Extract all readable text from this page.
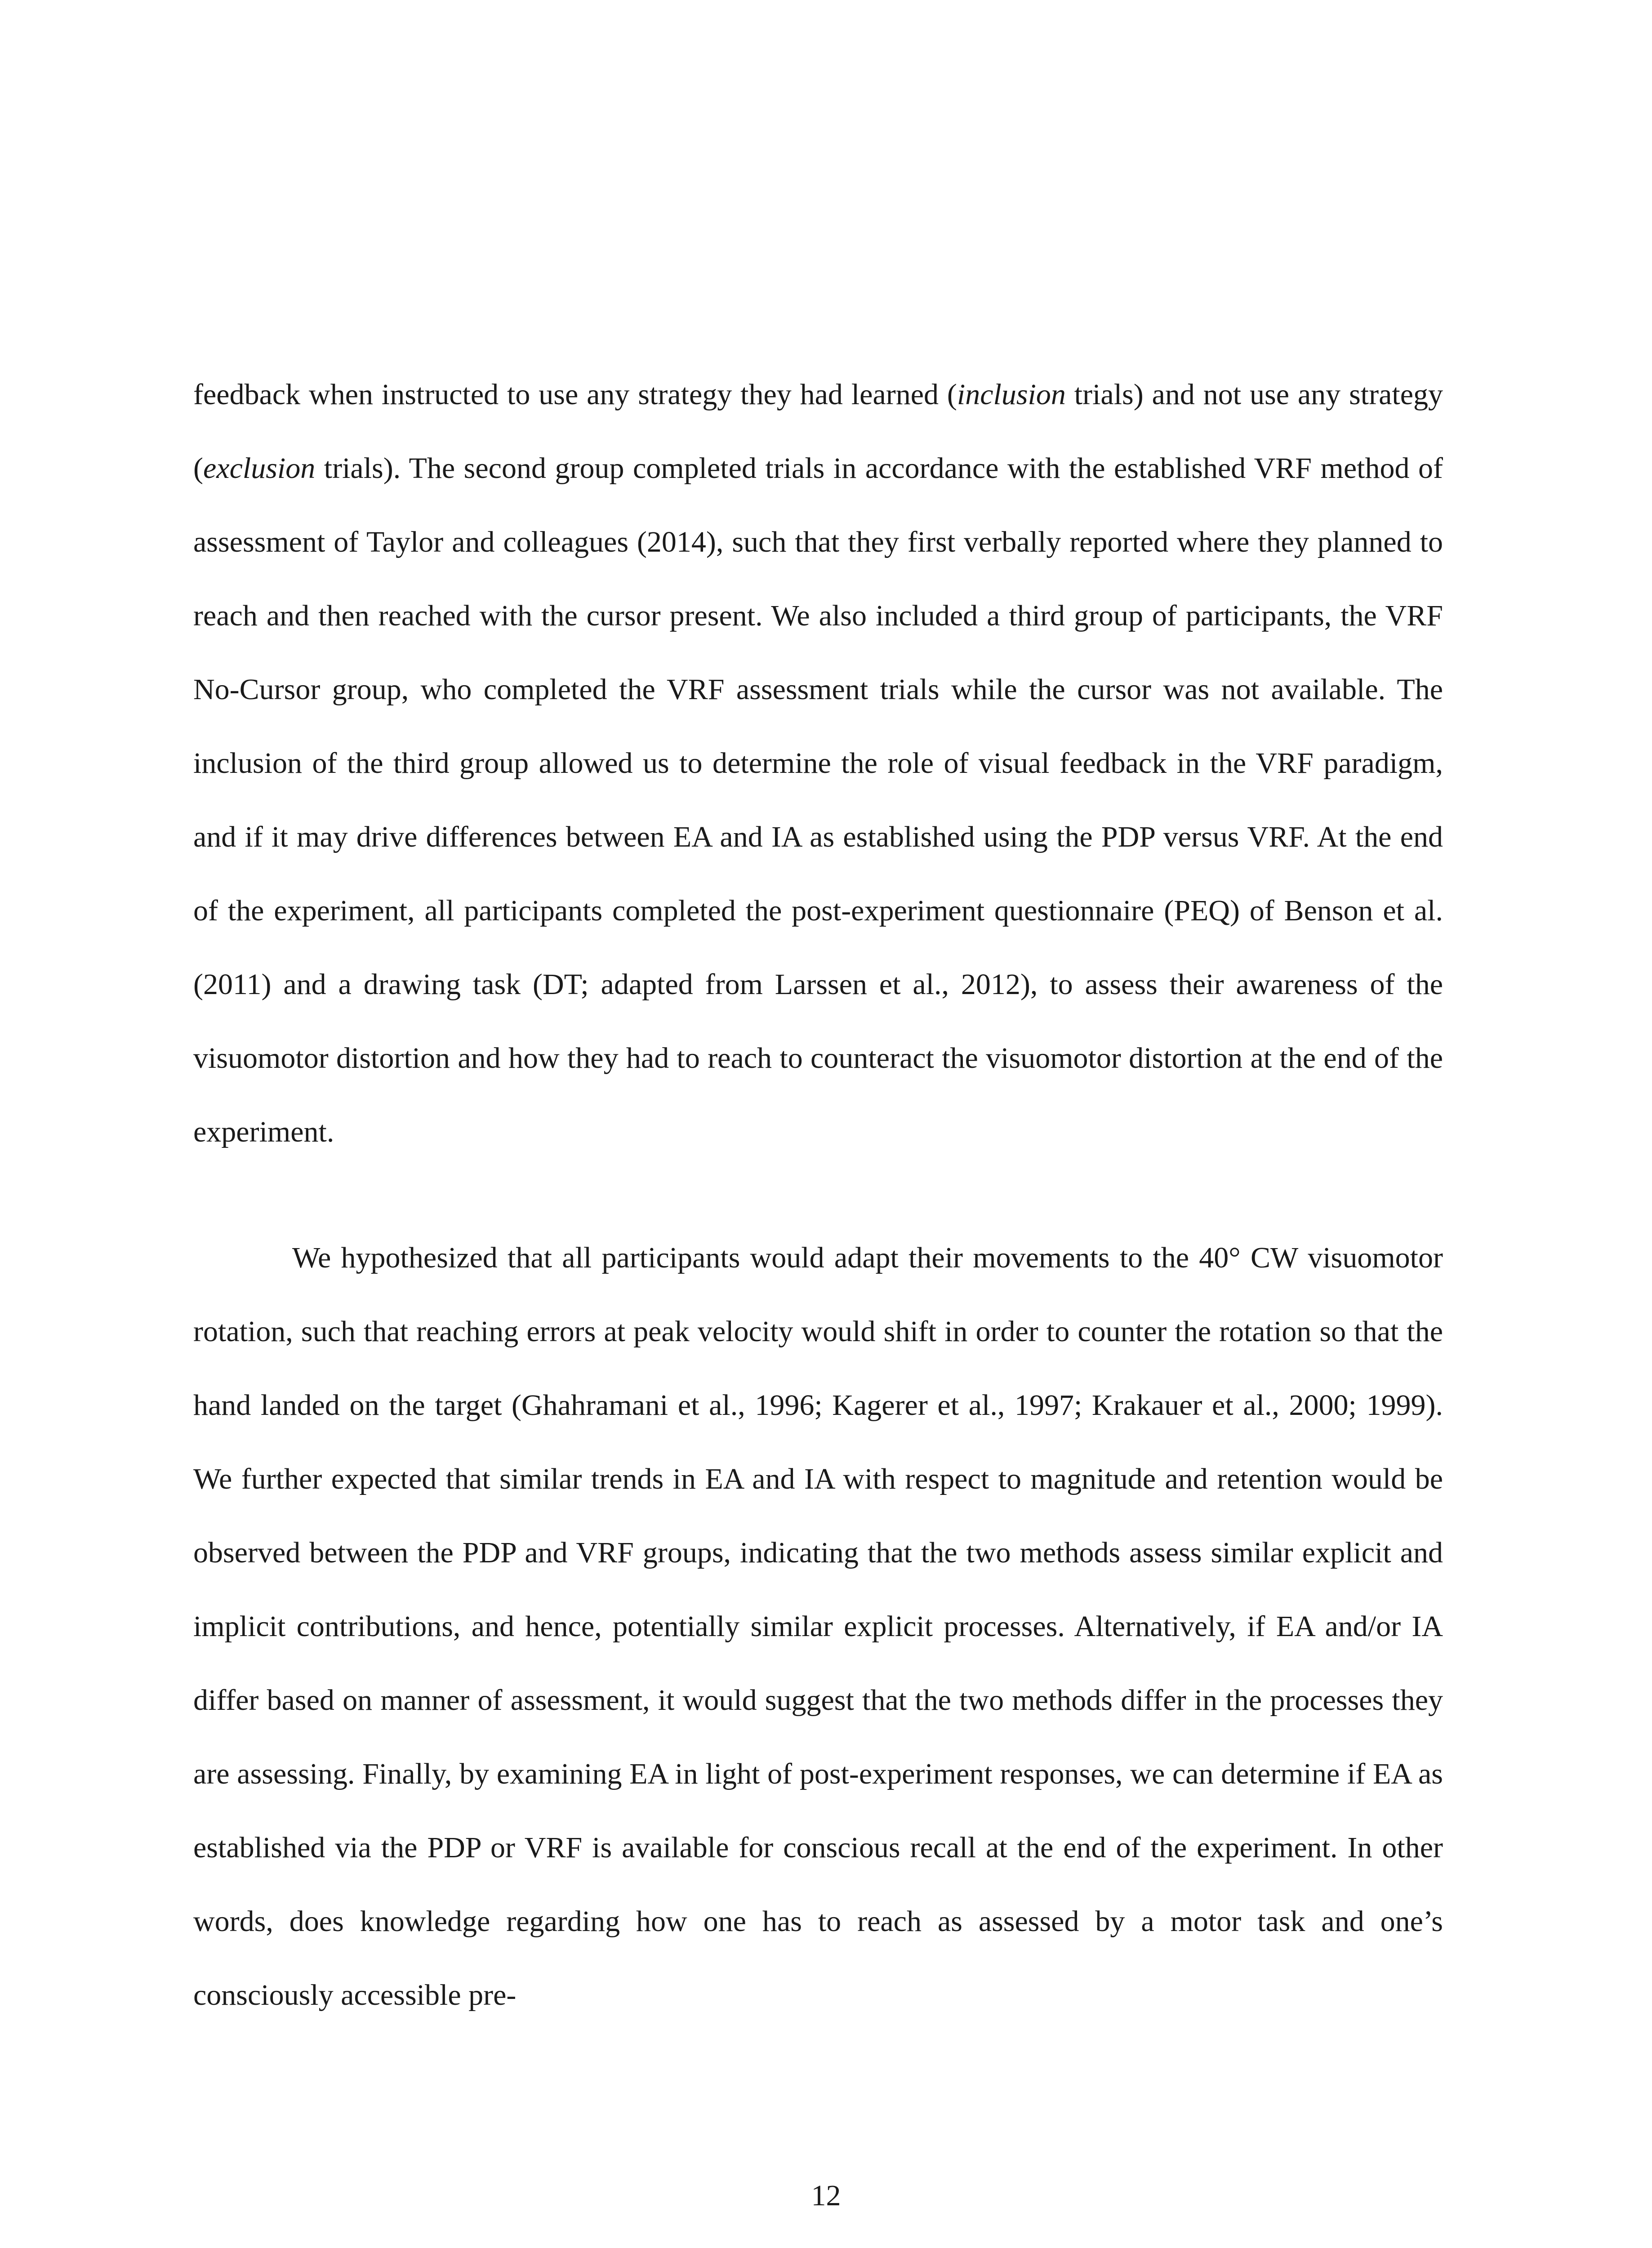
feedback when instructed to use any strategy they had learned (inclusion trials) and not use any strategy (exclusion trials). The second group completed trials in accordance with the established VRF method of assessment of Taylor and colleagues (2014), such that they first verbally reported where they planned to reach and then reached with the cursor present. We also included a third group of participants, the VRF No-Cursor group, who completed the VRF assessment trials while the cursor was not available. The inclusion of the third group allowed us to determine the role of visual feedback in the VRF paradigm, and if it may drive differences between EA and IA as established using the PDP versus VRF. At the end of the experiment, all participants completed the post-experiment questionnaire (PEQ) of Benson et al. (2011) and a drawing task (DT; adapted from Larssen et al., 2012), to assess their awareness of the visuomotor distortion and how they had to reach to counteract the visuomotor distortion at the end of the experiment.

We hypothesized that all participants would adapt their movements to the 40° CW visuomotor rotation, such that reaching errors at peak velocity would shift in order to counter the rotation so that the hand landed on the target (Ghahramani et al., 1996; Kagerer et al., 1997; Krakauer et al., 2000; 1999). We further expected that similar trends in EA and IA with respect to magnitude and retention would be observed between the PDP and VRF groups, indicating that the two methods assess similar explicit and implicit contributions, and hence, potentially similar explicit processes. Alternatively, if EA and/or IA differ based on manner of assessment, it would suggest that the two methods differ in the processes they are assessing. Finally, by examining EA in light of post-experiment responses, we can determine if EA as established via the PDP or VRF is available for conscious recall at the end of the experiment. In other words, does knowledge regarding how one has to reach as assessed by a motor task and one’s consciously accessible pre-

12
